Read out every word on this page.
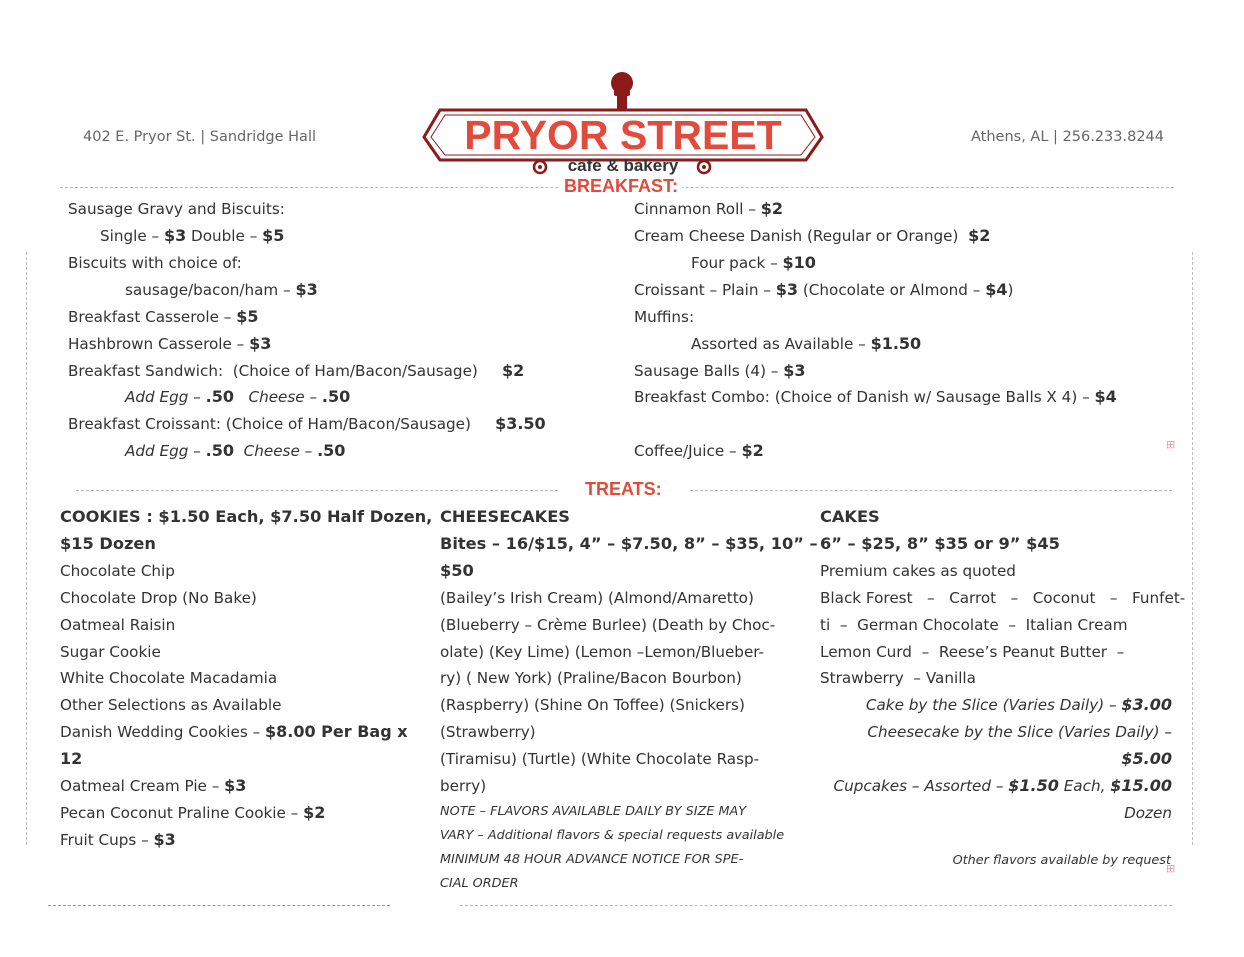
402 E. Pryor St. | Sandridge Hall	Athens, AL | 256.233.8244
PRYOR STREET
café & bakery
BREAKFAST:
⊞
Sausage Gravy and Biscuits:
Single – $3 Double – $5
Biscuits with choice of:
sausage/bacon/ham – $3
Breakfast Casserole – $5
Hashbrown Casserole – $3
Breakfast Sandwich:  (Choice of Ham/Bacon/Sausage)     $2
Add Egg – .50   Cheese – .50
Breakfast Croissant: (Choice of Ham/Bacon/Sausage)     $3.50
Add Egg – .50  Cheese – .50
Cinnamon Roll – $2
Cream Cheese Danish (Regular or Orange)  $2
Four pack – $10
Croissant – Plain – $3 (Chocolate or Almond – $4)
Muffins:
Assorted as Available – $1.50
Sausage Balls (4) – $3
Breakfast Combo: (Choice of Danish w/ Sausage Balls X 4) – $4
Coffee/Juice – $2
TREATS:
COOKIES : $1.50 Each, $7.50 Half Dozen,
$15 Dozen
Chocolate Chip
Chocolate Drop (No Bake)
Oatmeal Raisin
Sugar Cookie
White Chocolate Macadamia
Other Selections as Available
Danish Wedding Cookies – $8.00 Per Bag x
12
Oatmeal Cream Pie – $3
Pecan Coconut Praline Cookie – $2
Fruit Cups – $3
CHEESECAKES
Bites – 16/$15, 4” – $7.50, 8” – $35, 10” –
$50
(Bailey’s Irish Cream) (Almond/Amaretto)
(Blueberry – Crème Burlee) (Death by Choc-
olate) (Key Lime) (Lemon –Lemon/Blueber-
ry) ( New York) (Praline/Bacon Bourbon)
(Raspberry) (Shine On Toffee) (Snickers)
(Strawberry)
(Tiramisu) (Turtle) (White Chocolate Rasp-
berry)
NOTE – FLAVORS AVAILABLE DAILY BY SIZE MAY
VARY – Additional flavors & special requests available
MINIMUM 48 HOUR ADVANCE NOTICE FOR SPE-
CIAL ORDER
CAKES
6” – $25, 8” $35 or 9” $45
Premium cakes as quoted
Black Forest   –   Carrot   –   Coconut   –   Funfet-
ti  –  German Chocolate  –  Italian Cream
Lemon Curd  –  Reese’s Peanut Butter  –
Strawberry  – Vanilla
Cake by the Slice (Varies Daily) – $3.00
Cheesecake by the Slice (Varies Daily) –
$5.00
Cupcakes – Assorted – $1.50 Each, $15.00
Dozen
Other flavors available by request
⊞
